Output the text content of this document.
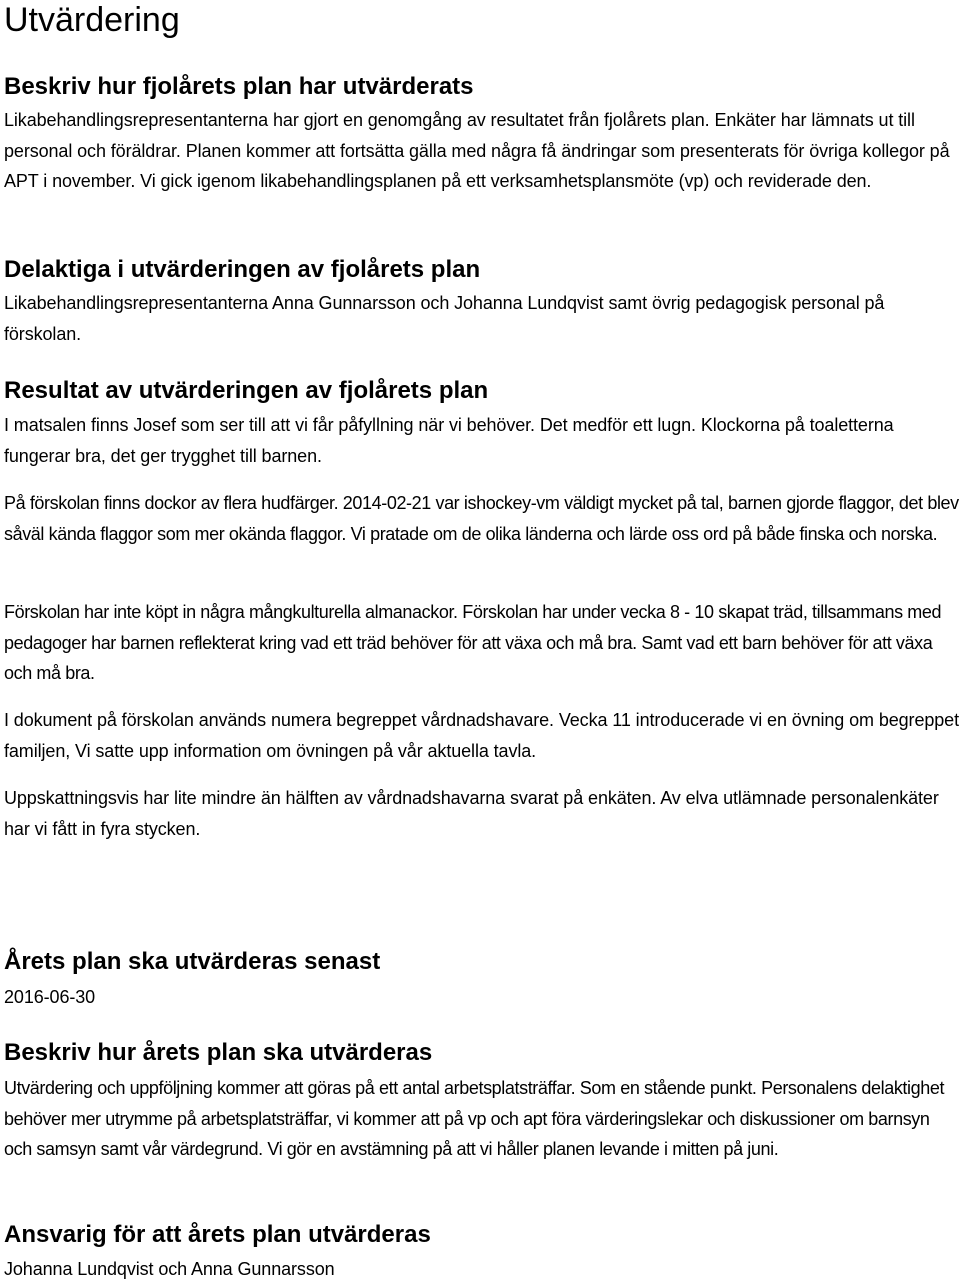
Utvärdering
Beskriv hur fjolårets plan har utvärderats

Likabehandlingsrepresentanterna har gjort en genomgång av resultatet från fjolårets plan. Enkäter har lämnats ut till personal och föräldrar. Planen kommer att fortsätta gälla med några få ändringar som presenterats för övriga kollegor på APT i november. Vi gick igenom likabehandlingsplanen på ett verksamhetsplansmöte (vp) och reviderade den.

Delaktiga i utvärderingen av fjolårets plan

Likabehandlingsrepresentanterna Anna Gunnarsson och Johanna Lundqvist samt övrig pedagogisk personal på förskolan.

Resultat av utvärderingen av fjolårets plan

I matsalen finns Josef som ser till att vi får påfyllning när vi behöver. Det medför ett lugn. Klockorna på toaletterna fungerar bra, det ger trygghet till barnen.

På förskolan finns dockor av flera hudfärger. 2014-02-21 var ishockey-vm väldigt mycket på tal, barnen gjorde flaggor, det blev såväl kända flaggor som mer okända flaggor. Vi pratade om de olika länderna och lärde oss ord på både finska och norska.

Förskolan har inte köpt in några mångkulturella almanackor. Förskolan har under vecka 8 - 10 skapat träd, tillsammans med pedagoger har barnen reflekterat kring vad ett träd behöver för att växa och må bra. Samt vad ett barn behöver för att växa och må bra.

I dokument på förskolan används numera begreppet vårdnadshavare. Vecka 11 introducerade vi en övning om begreppet familjen, Vi satte upp information om övningen på vår aktuella tavla.

Uppskattningsvis har lite mindre än hälften av vårdnadshavarna svarat på enkäten. Av elva utlämnade personalenkäter har vi fått in fyra stycken.

Årets plan ska utvärderas senast

2016-06-30

Beskriv hur årets plan ska utvärderas

Utvärdering och uppföljning kommer att göras på ett antal arbetsplatsträffar. Som en stående punkt. Personalens delaktighet behöver mer utrymme på arbetsplatsträffar, vi kommer att på vp och apt föra värderingslekar och diskussioner om barnsyn och samsyn samt vår värdegrund. Vi gör en avstämning på att vi håller planen levande i mitten på juni.

Ansvarig för att årets plan utvärderas

Johanna Lundqvist och Anna Gunnarsson
